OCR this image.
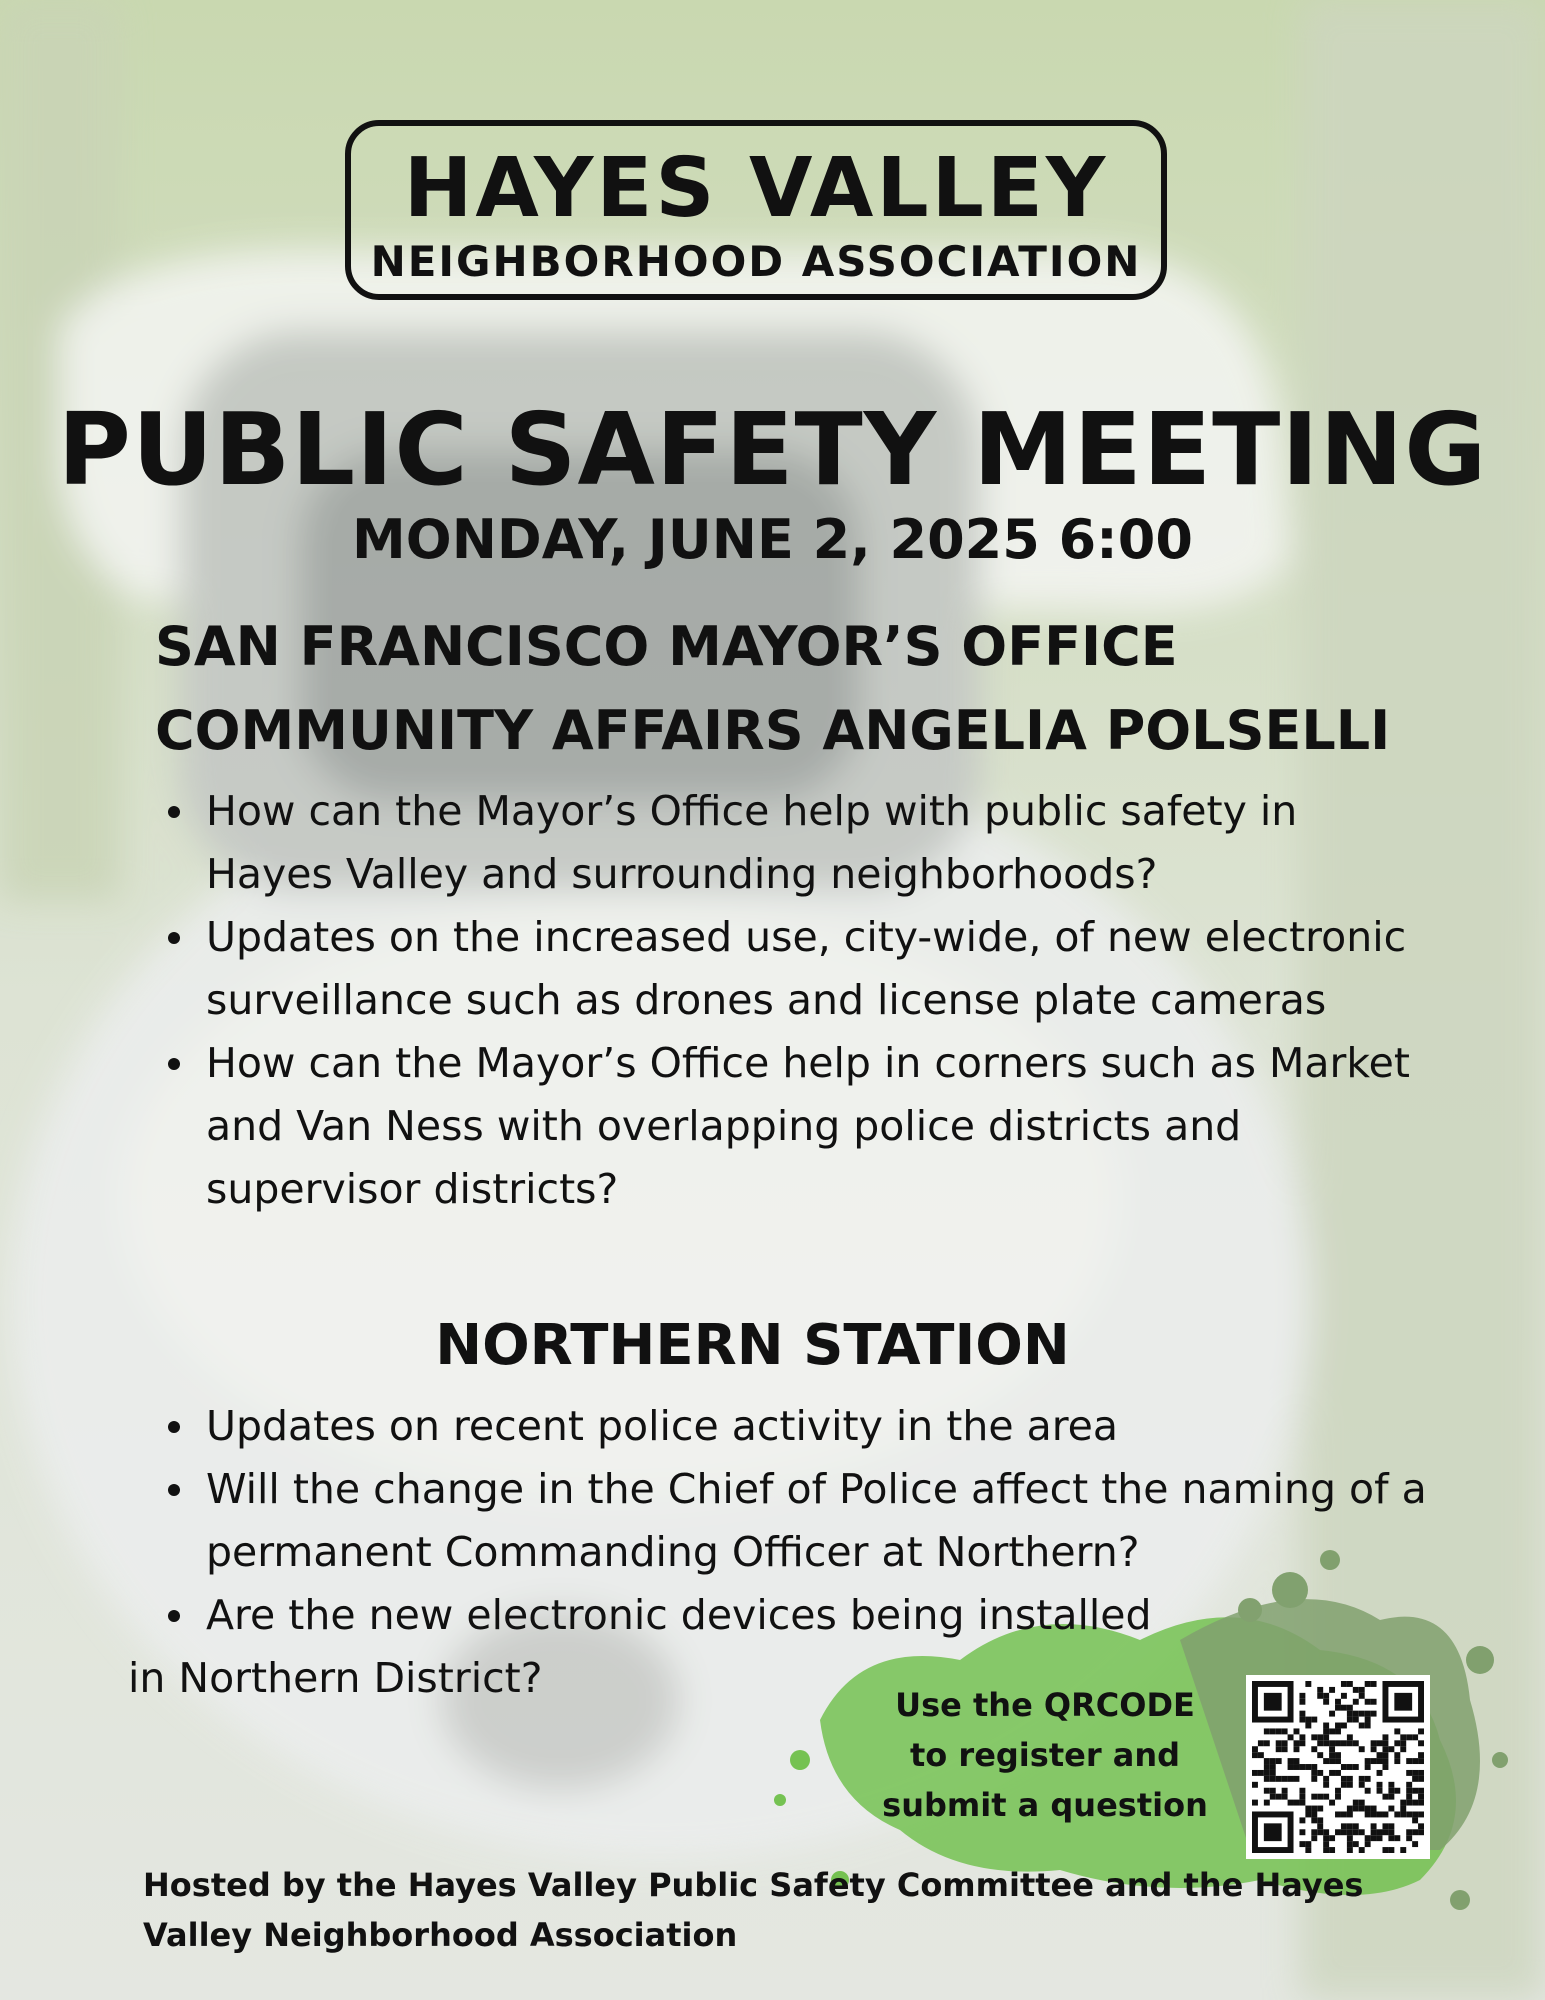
HAYES VALLEY
NEIGHBORHOOD ASSOCIATION
PUBLIC SAFETY MEETING
MONDAY, JUNE 2, 2025 6:00
SAN FRANCISCO MAYOR’S OFFICE
COMMUNITY AFFAIRS ANGELIA POLSELLI
How can the Mayor’s Office help with public safety in Hayes Valley and surrounding neighborhoods?
Updates on the increased use, city-wide, of new electronic surveillance such as drones and license plate cameras
How can the Mayor’s Office help in corners such as Market and Van Ness with overlapping police districts and supervisor districts?
NORTHERN STATION
Updates on recent police activity in the area
Will the change in the Chief of Police affect the naming of a permanent Commanding Officer at Northern?
Are the new electronic devices being installed
in Northern District?
Use the QRCODE
to register and
submit a question
Hosted by the Hayes Valley Public Safety Committee and the Hayes
Valley Neighborhood Association
